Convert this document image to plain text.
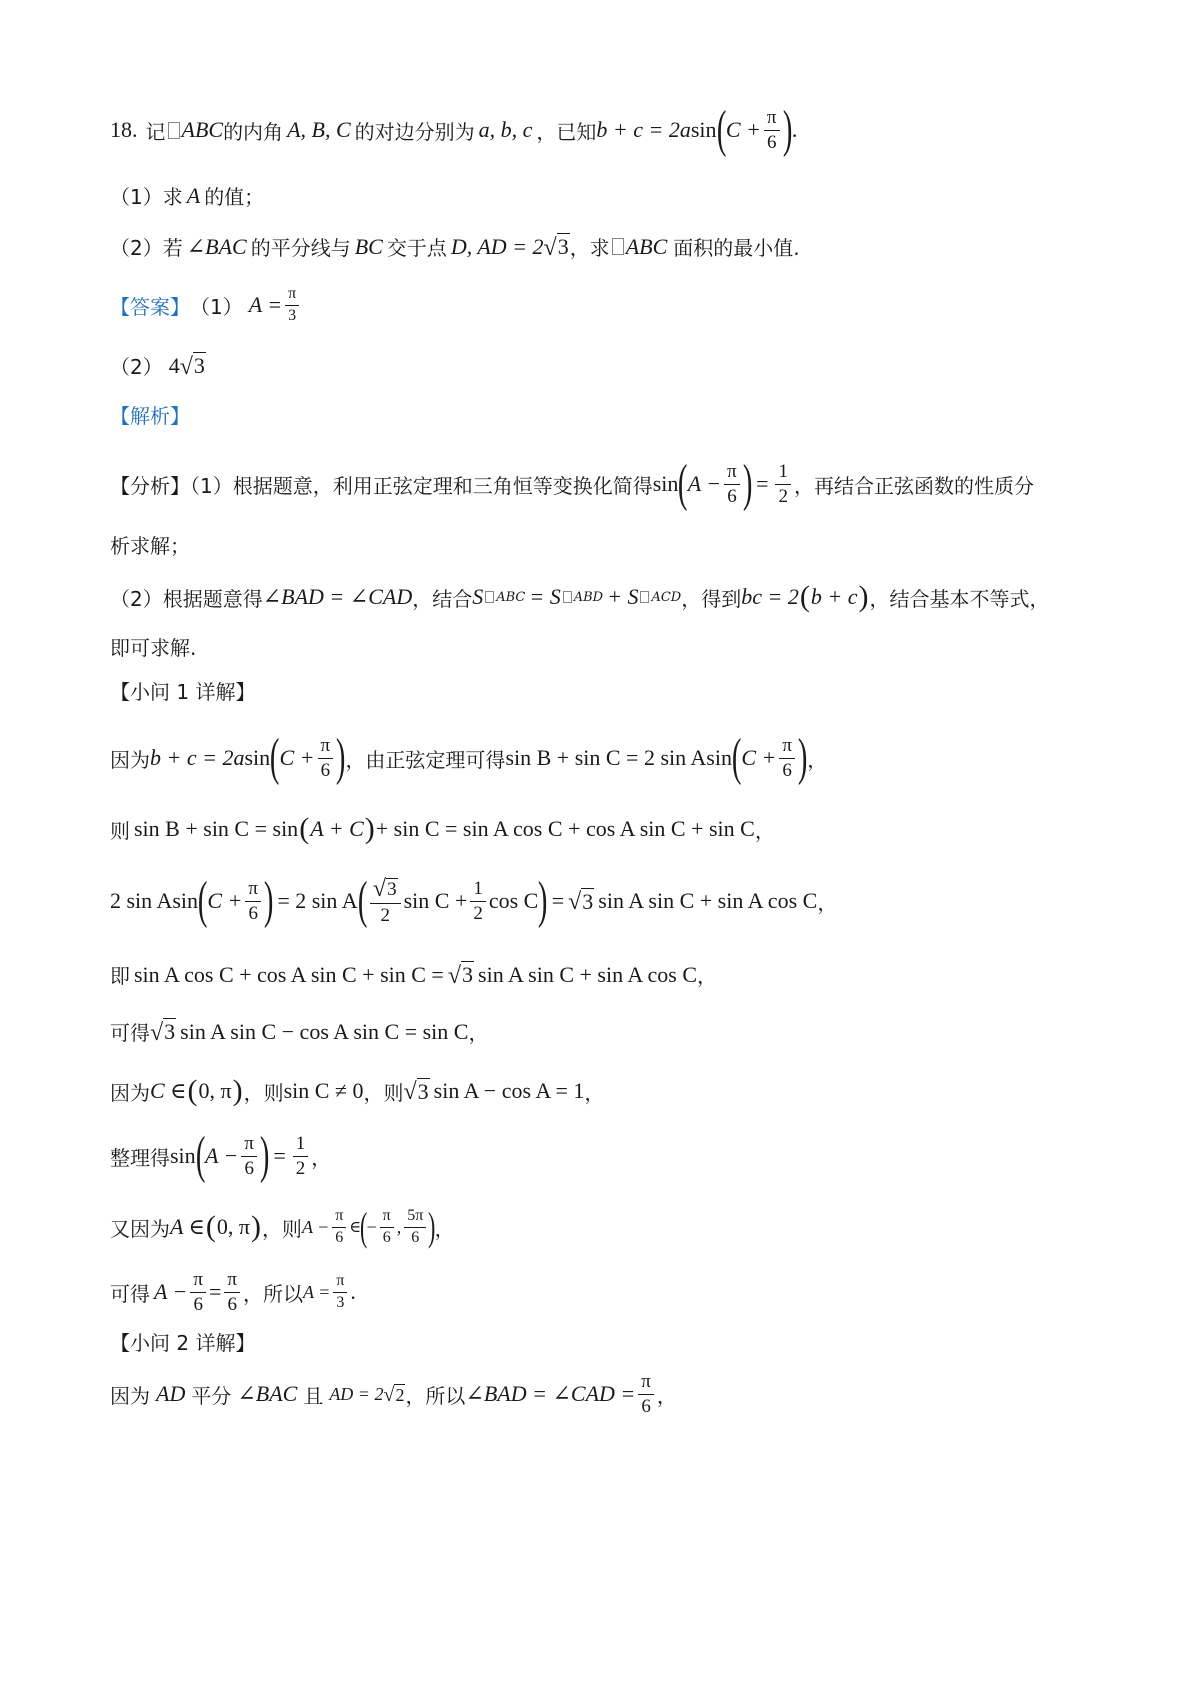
18. 记 ABC 的内角 A, B, C 的对边分别为 a, b, c ，已知 b + c = 2a sin ( $C + \frac{\pi}{6}$ ) .
（1）求 A 的值；
（2）若 ∠BAC 的平分线与 BC 交于点 D, AD = 2 √ 3 ，求 ABC 面积的最小值.
【答案】 （1） $A = \frac{\pi}{3}$
（2） 4 √ 3
【解析】
【分析】（1）根据题意，利用正弦定理和三角恒等变换化简得 sin ( $A - \frac{\pi}{6}$ ) = $\frac{1}{2}$ ，再结合正弦函数的性质分
析求解；
（2）根据题意得 ∠BAD = ∠CAD ，结合 S	ABC = S	ABD + S	ACD ，得到 bc = 2 ( b + c ) ，结合基本不等式，
即可求解.
【小问 1 详解】
因为 b + c = 2a sin ( $C + \frac{\pi}{6}$ ) ，由正弦定理可得 sin B + sin C = 2 sin A sin ( $C + \frac{\pi}{6}$ ) ，
则 sin B + sin C = sin ( A + C ) + sin C = sin A cos C + cos A sin C + sin C ，
2 sin A sin ( $C + \frac{\pi}{6}$ ) = 2 sin A ( $\frac{√ 3}{2}$ $\sin C + \frac{1}{2}$ cos C ) = √ 3 sin A sin C + sin A cos C ，
即 sin A cos C + cos A sin C + sin C = √ 3 sin A sin C + sin A cos C ，
可得 √ 3 sin A sin C − cos A sin C = sin C ，
因为 C ∈ ( 0, π ) ，则 sin C ≠ 0 ，则 √ 3 sin A − cos A = 1 ，
整理得 sin ( $A - \frac{\pi}{6}$ ) = $\frac{1}{2}$ ，
又因为 A ∈ ( 0, π ) ，则 $A - \frac{\pi}{6}$ ∈
(
− $\frac{\pi}{6}$ , $\frac{5\pi}{6}$ )
，
可得 $A - \frac{\pi}{6} = \frac{\pi}{6}$ ，所以 $A = \frac{\pi}{3}$ .
【小问 2 详解】
因为 AD 平分 ∠BAC 且 AD = 2 √ 2 ，所以 ∠BAD = ∠CAD = $\frac{\pi}{6}$ ，
